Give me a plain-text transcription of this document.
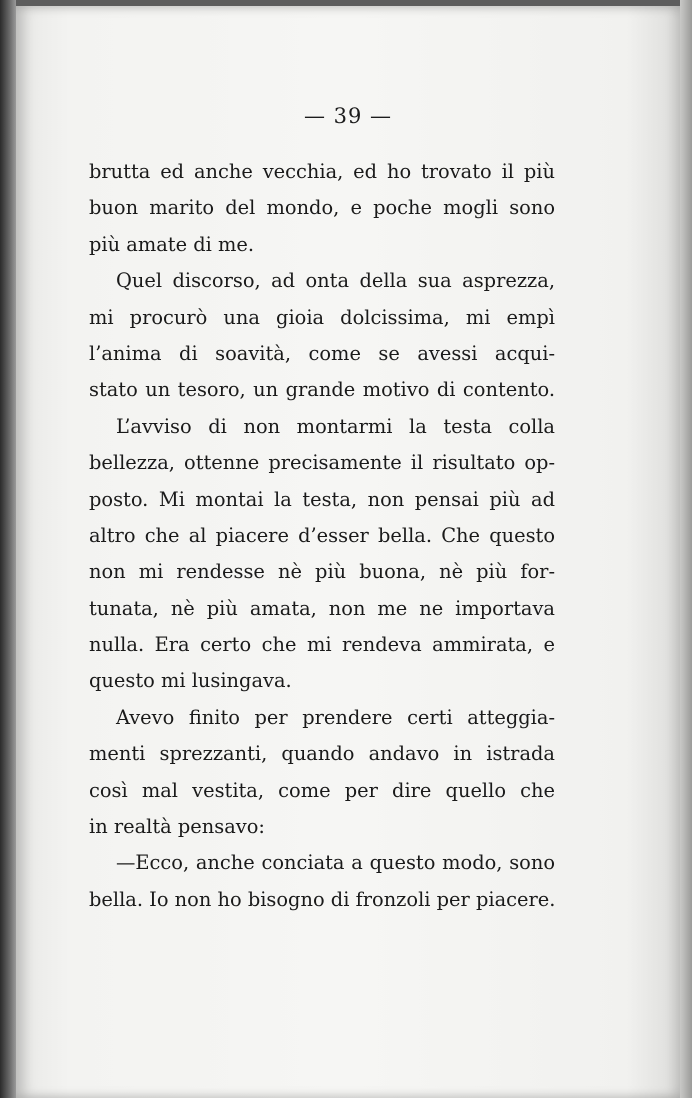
— 39 —
brutta ed anche vecchia, ed ho trovato il più
buon marito del mondo, e poche mogli sono
più amate di me.
Quel discorso, ad onta della sua asprezza,
mi procurò una gioia dolcissima, mi empì
l’anima di soavità, come se avessi acqui-
stato un tesoro, un grande motivo di contento.
L’avviso di non montarmi la testa colla
bellezza, ottenne precisamente il risultato op-
posto. Mi montai la testa, non pensai più ad
altro che al piacere d’esser bella. Che questo
non mi rendesse nè più buona, nè più for-
tunata, nè più amata, non me ne importava
nulla. Era certo che mi rendeva ammirata, e
questo mi lusingava.
Avevo finito per prendere certi atteggia-
menti sprezzanti, quando andavo in istrada
così mal vestita, come per dire quello che
in realtà pensavo:
—Ecco, anche conciata a questo modo, sono
bella. Io non ho bisogno di fronzoli per piacere.
